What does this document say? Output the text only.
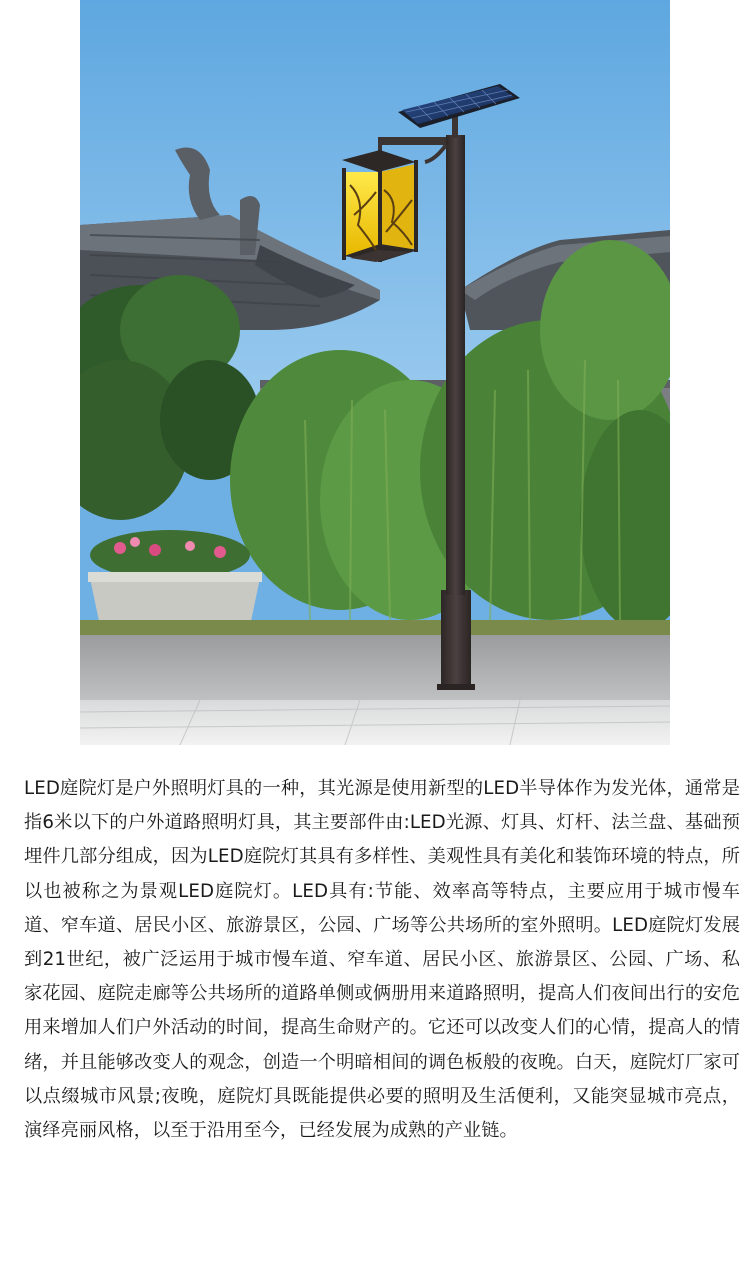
LED庭院灯是户外照明灯具的一种，其光源是使用新型的LED半导体作为发光体，通常是指6米以下的户外道路照明灯具，其主要部件由:LED光源、灯具、灯杆、法兰盘、基础预埋件几部分组成，因为LED庭院灯其具有多样性、美观性具有美化和装饰环境的特点，所以也被称之为景观LED庭院灯。LED具有:节能、效率高等特点，主要应用于城市慢车道、窄车道、居民小区、旅游景区，公园、广场等公共场所的室外照明。LED庭院灯发展到21世纪，被广泛运用于城市慢车道、窄车道、居民小区、旅游景区、公园、广场、私家花园、庭院走廊等公共场所的道路单侧或俩册用来道路照明，提高人们夜间出行的安危用来增加人们户外活动的时间，提高生命财产的。它还可以改变人们的心情，提高人的情绪，并且能够改变人的观念，创造一个明暗相间的调色板般的夜晚。白天，庭院灯厂家可以点缀城市风景;夜晚，庭院灯具既能提供必要的照明及生活便利，又能突显城市亮点，演绎亮丽风格，以至于沿用至今，已经发展为成熟的产业链。
